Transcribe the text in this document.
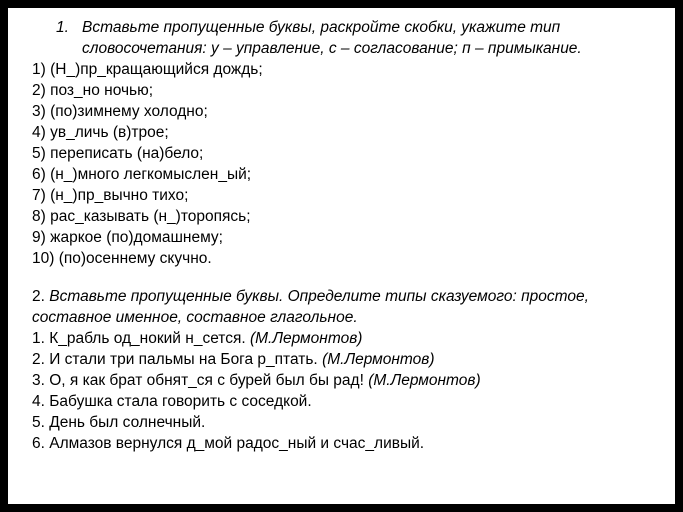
1. Вставьте пропущенные буквы, раскройте скобки, укажите тип словосочетания: у – управление, с – согласование; п – примыкание.
1) (Н_)пр_кращающийся дождь;
2) поз_но ночью;
3) (по)зимнему холодно;
4) ув_личь (в)трое;
5) переписать (на)бело;
6) (н_)много легкомыслен_ый;
7) (н_)пр_вычно тихо;
8) рас_казывать (н_)торопясь;
9) жаркое (по)домашнему;
10) (по)осеннему скучно.

2. Вставьте пропущенные буквы. Определите типы сказуемого: простое, составное именное, составное глагольное.

1. К_рабль од_нокий н_сется. (М.Лермонтов)
2. И стали три пальмы на Бога р_птать. (М.Лермонтов)
3. О, я как брат обнят_ся с бурей был бы рад! (М.Лермонтов)
4. Бабушка стала говорить с соседкой.
5. День был солнечный.
6. Алмазов вернулся д_мой радос_ный и счас_ливый.
